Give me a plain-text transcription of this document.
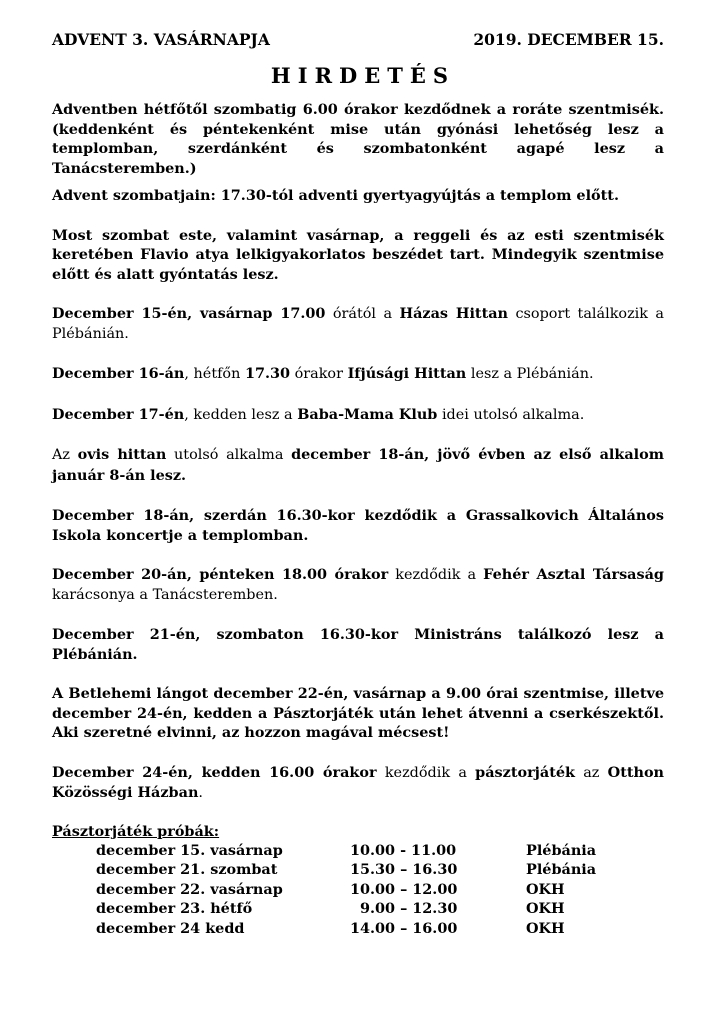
ADVENT 3. VASÁRNAPJA	2019. DECEMBER 15.
HIRDETÉS

Adventben hétfőtől szombatig 6.00 órakor kezdődnek a roráte szentmisék. (keddenként és péntekenként mise után gyónási lehetőség lesz a templomban, szerdánként és szombatonként agapé lesz a Tanácsteremben.)

Advent szombatjain: 17.30-tól adventi gyertyagyújtás a templom előtt.

Most szombat este, valamint vasárnap, a reggeli és az esti szentmisék keretében Flavio atya lelkigyakorlatos beszédet tart. Mindegyik szentmise előtt és alatt gyóntatás lesz.

December 15-én, vasárnap 17.00 órától a Házas Hittan csoport találkozik a Plébánián.

December 16-án, hétfőn 17.30 órakor Ifjúsági Hittan lesz a Plébánián.

December 17-én, kedden lesz a Baba-Mama Klub idei utolsó alkalma.

Az ovis hittan utolsó alkalma december 18-án, jövő évben az első alkalom január 8-án lesz.

December 18-án, szerdán 16.30-kor kezdődik a Grassalkovich Általános Iskola koncertje a templomban.

December 20-án, pénteken 18.00 órakor kezdődik a Fehér Asztal Társaság karácsonya a Tanácsteremben.

December 21-én, szombaton 16.30-kor Ministráns találkozó lesz a Plébánián.

A Betlehemi lángot december 22-én, vasárnap a 9.00 órai szentmise, illetve december 24-én, kedden a Pásztorjáték után lehet átvenni a cserkészektől. Aki szeretné elvinni, az hozzon magával mécsest!

December 24-én, kedden 16.00 órakor kezdődik a pásztorjáték az Otthon Közösségi Házban.

Pásztorjáték próbák:
december 15. vasárnap	10.00 - 11.00	Plébánia
december 21. szombat	15.30 – 16.30	Plébánia
december 22. vasárnap	10.00 – 12.00	OKH
december 23. hétfő	9.00 – 12.30	OKH
december 24 kedd	14.00 – 16.00	OKH
